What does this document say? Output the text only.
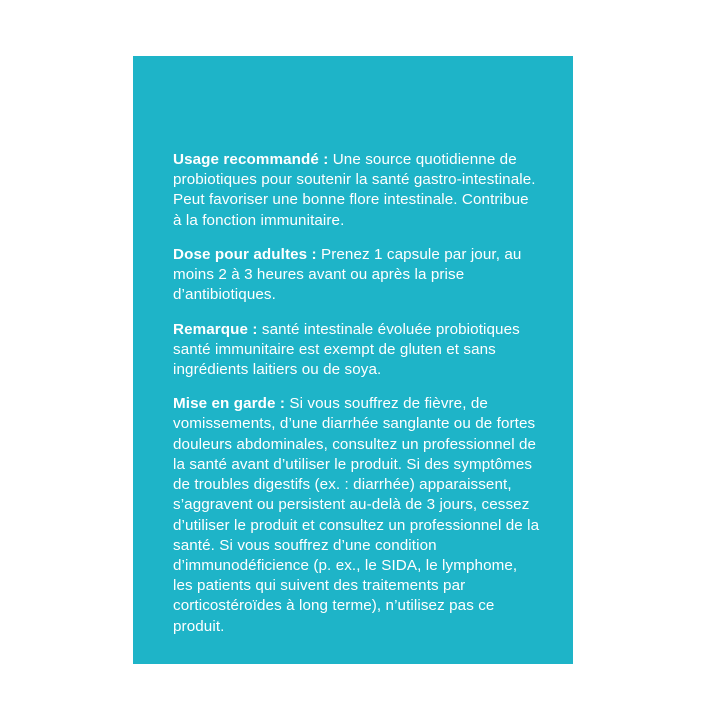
Usage recommandé : Une source quotidienne de probiotiques pour soutenir la santé gastro-intestinale. Peut favoriser une bonne flore intestinale. Contribue à la fonction immunitaire.

Dose pour adultes : Prenez 1 capsule par jour, au moins 2 à 3 heures avant ou après la prise d’antibiotiques.

Remarque : santé intestinale évoluée probiotiques santé immunitaire est exempt de gluten et sans ingrédients laitiers ou de soya.

Mise en garde : Si vous souffrez de fièvre, de vomissements, d’une diarrhée sanglante ou de fortes douleurs abdominales, consultez un professionnel de la santé avant d’utiliser le produit. Si des symptômes de troubles digestifs (ex. : diarrhée) apparaissent, s’aggravent ou persistent au-delà de 3 jours, cessez d’utiliser le produit et consultez un professionnel de la santé. Si vous souffrez d’une condition d’immunodéficience (p. ex., le SIDA, le lymphome, les patients qui suivent des traitements par corticostéroïdes à long terme), n’utilisez pas ce produit.
